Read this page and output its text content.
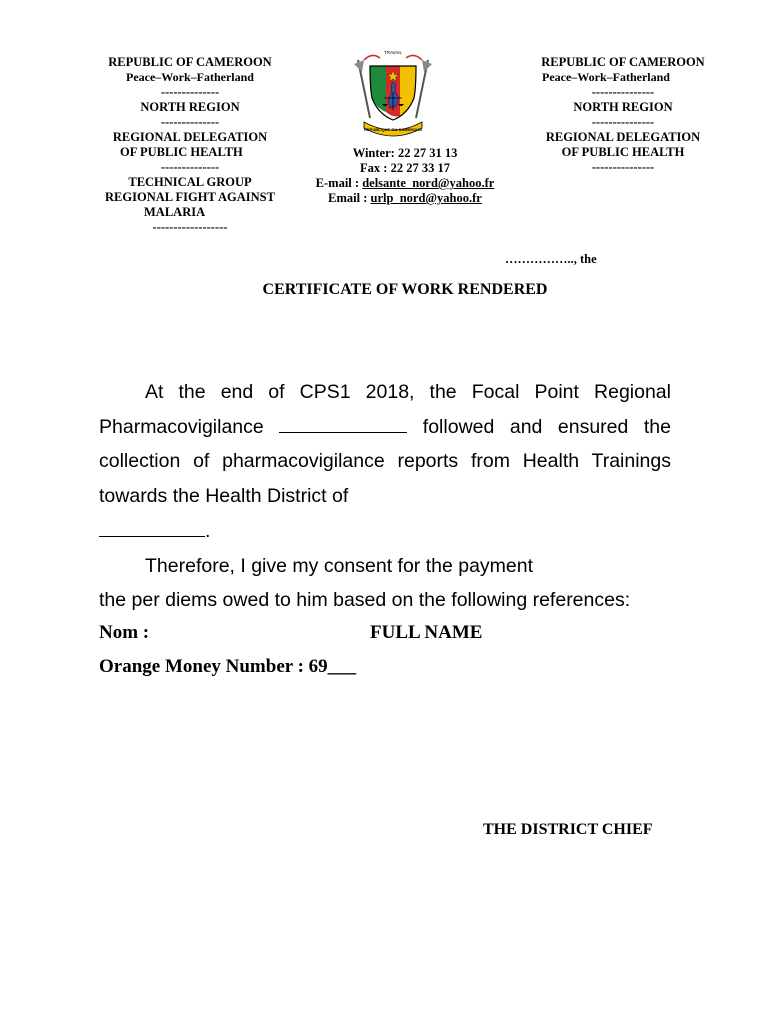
REPUBLIC OF CAMEROON
Peace–Work–Fatherland
--------------
NORTH REGION
--------------
REGIONAL DELEGATION
OF PUBLIC HEALTH
--------------
TECHNICAL GROUP
REGIONAL FIGHT AGAINST
MALARIA
------------------
TRAVAIL
REPUBLIQUE DU CAMEROUN
Winter: 22 27 31 13
Fax : 22 27 33 17
E-mail : delsante_nord@yahoo.fr
Email : urlp_nord@yahoo.fr
REPUBLIC OF CAMEROON
Peace–Work–Fatherland
---------------
NORTH REGION
---------------
REGIONAL DELEGATION
OF PUBLIC HEALTH
---------------
…………….., the
CERTIFICATE OF WORK RENDERED

At the end of CPS1 2018, the Focal Point Regional Pharmacovigilance	followed and ensured the collection of pharmacovigilance reports from Health Trainings towards the Health District of
.

Therefore, I give my consent for the payment

the per diems owed to him based on the following references:

Nom :	FULL NAME
Orange Money Number : 69___
THE DISTRICT CHIEF
